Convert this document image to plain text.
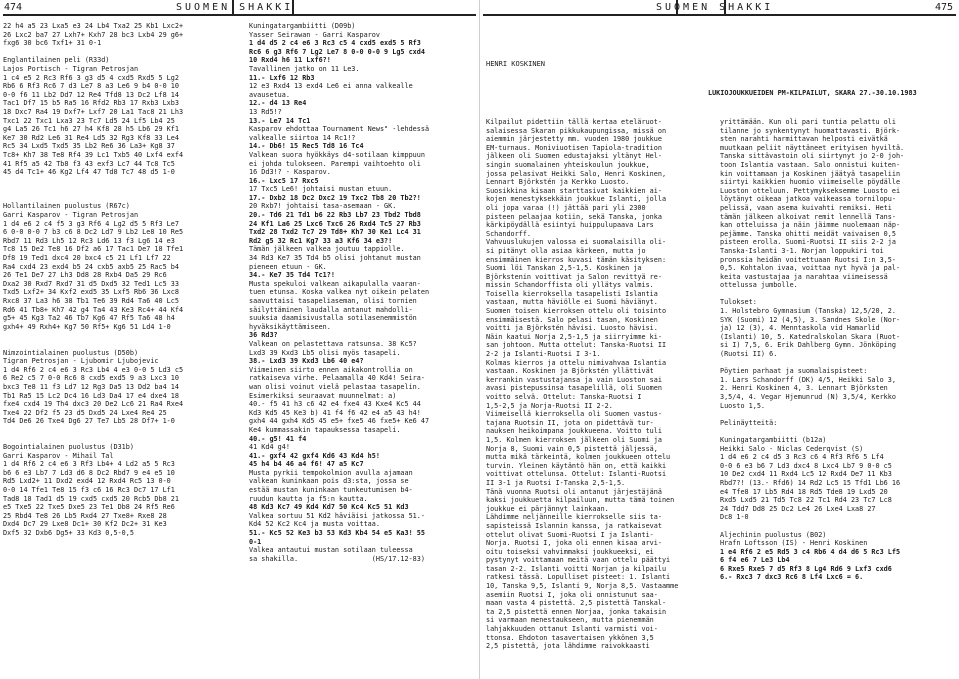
474	SUOMEN SHAKKI
22 h4 a5 23 Lxa5 e3 24 Lb4 Txa2 25 Kb1 Lxc2+
26 Lxc2 ba7 27 Lxh7+ Kxh7 28 bc3 Lxb4 29 g6+
fxg6 30 bc6 Txf1+ 31 0-1
Englantilainen peli (R33d)
Lajos Portisch - Tigran Petrosjan
1 c4 e5 2 Rc3 Rf6 3 g3 d5 4 cxd5 Rxd5 5 Lg2
Rb6 6 Rf3 Rc6 7 d3 Le7 8 a3 Le6 9 b4 0-0 10
0-0 f6 11 Lb2 Dd7 12 Re4 Tfd8 13 Dc2 Lf8 14
Tac1 Df7 15 b5 Ra5 16 Rfd2 Rb3 17 Rxb3 Lxb3
18 Dxc7 Ra4 19 Dxf7+ Lxf7 20 La1 Tac8 21 Lh3
Txc1 22 Txc1 Lxa3 23 Tc7 Ld5 24 Lf5 Lb4 25
g4 La5 26 Tc1 h6 27 h4 Kf8 28 h5 Lb6 29 Kf1
Ke7 30 Rd2 Le6 31 Re4 Ld5 32 Rg3 Kf8 33 Le4
Rc5 34 Lxd5 Txd5 35 Lb2 Re6 36 La3+ Kg8 37
Tc8+ Kh7 38 Te8 Rf4 39 Lc1 Txb5 40 Lxf4 exf4
41 Rf5 a5 42 Tb8 f3 43 exf3 Lc7 44 Tc8 Tc5
45 d4 Tc1+ 46 Kg2 Lf4 47 Td8 Tc7 48 d5 1-0
Hollantilainen puolustus (R67c)
Garri Kasparov - Tigran Petrosjan
1 d4 e6 2 c4 f5 3 g3 Rf6 4 Lg2 d5 5 Rf3 Le7
6 0-0 0-0 7 b3 c6 8 Dc2 Ld7 9 Lb2 Le8 10 Re5
Rbd7 11 Rd3 Lh5 12 Rc3 Ld6 13 f3 Lg6 14 e3
Tc8 15 De2 Te8 16 Df2 a6 17 Tac1 De7 18 Tfe1
Df8 19 Ted1 dxc4 20 bxc4 c5 21 Lf1 Lf7 22
Ra4 cxd4 23 exd4 b5 24 cxb5 axb5 25 Rac5 b4
26 Te1 De7 27 Lh3 Dd8 28 Rxb4 Da5 29 Rc6
Dxa2 30 Rxd7 Rxd7 31 d5 Dxd5 32 Ted1 Lc5 33
Txd5 Lxf2+ 34 Kxf2 exd5 35 Lxf5 Rb6 36 Lxc8
Rxc8 37 La3 h6 38 Tb1 Te6 39 Rd4 Ta6 40 Lc5
Rd6 41 Tb8+ Kh7 42 g4 Ta4 43 Ke3 Rc4+ 44 Kf4
g5+ 45 Kg3 Ta2 46 Tb7 Kg6 47 Rf5 Ta6 48 h4
gxh4+ 49 Rxh4+ Kg7 50 Rf5+ Kg6 51 Ld4 1-0
Nimzointialainen puolustus (D50b)
Tigran Petrosjan - Ljubomir Ljubojevic
1 d4 Rf6 2 c4 e6 3 Rc3 Lb4 4 e3 0-0 5 Ld3 c5
6 Re2 c5 7 0-0 Rc6 8 cxd5 exd5 9 a3 Lxc3 10
bxc3 Te8 11 f3 Ld7 12 Rg3 Da5 13 Dd2 ba4 14
Tb1 Ra5 15 Lc2 Dc4 16 Ld3 Da4 17 e4 dxe4 18
fxe4 cxd4 19 Th4 dxc3 20 De2 Lc6 21 Ra4 Rxe4
Txe4 22 Df2 f5 23 d5 Dxd5 24 Lxe4 Re4 25
Td4 De6 26 Txe4 Dg6 27 Te7 Lb5 28 Df7+ 1-0
Bogointialainen puolustus (D31b)
Garri Kasparov - Mihail Tal
1 d4 Rf6 2 c4 e6 3 Rf3 Lb4+ 4 Ld2 a5 5 Rc3
b6 6 e3 Lb7 7 Ld3 d6 8 Dc2 Rbd7 9 e4 e5 10
Rd5 Lxd2+ 11 Dxd2 exd4 12 Rxd4 Rc5 13 0-0
0-0 14 Tfe1 Te8 15 f3 c6 16 Rc3 Dc7 17 Lf1
Tad8 18 Tad1 d5 19 cxd5 cxd5 20 Rcb5 Db8 21
e5 Txe5 22 Txe5 Dxe5 23 Te1 Db8 24 Rf5 Re6
25 Rbd4 Te8 26 Lb5 Rxd4 27 Txe8+ Rxe8 28
Dxd4 Dc7 29 Lxe8 Dc1+ 30 Kf2 Dc2+ 31 Ke3
Dxf5 32 Dxb6 Dg5+ 33 Kd3 0,5-0,5
Kuningatargambiitti (D09b)
Yasser Seirawan - Garri Kasparov
1 d4 d5 2 c4 e6 3 Rc3 c5 4 cxd5 exd5 5 Rf3
Rc6 6 g3 Rf6 7 Lg2 Le7 8 0-0 0-0 9 Lg5 cxd4
10 Rxd4 h6 11 Lxf6?!
Tavallinen jatko on 11 Le3.
11.- Lxf6 12 Rb3
12 e3 Rxd4 13 exd4 Le6 ei anna valkealle
avausetua.
12.- d4 13 Re4
13 Rd5!?
13.- Le7 14 Tc1
Kasparov ehdottaa Tournament News" -lehdessä
valkealle siirtoa 14 Rc1!?
14.- Db6! 15 Rec5 Td8 16 Tc4
Valkean suora hyökkäys d4-sotilaan kimppuun
ei johda tulokseen. Parempi vaihtoehto oli
16 Dd3!? - Kasparov.
16.- Lxc5 17 Rxc5
17 Txc5 Le6! johtaisi mustan etuun.
17.- Dxb2 18 Dc2 Dxc2 19 Txc2 Tb8 20 Tb2?!
20 Rxb7! johtaisi tasa-asemaan - GK.
20.- Td6 21 Td1 b6 22 Rb3 Lb7 23 Tbd2 Tbd8
24 Kf1 La6 25 Lxc6 Txc6 26 Rxd4 Tc5 27 Rb3
Txd2 28 Txd2 Tc7 29 Td8+ Kh7 30 Ke1 Lc4 31
Rd2 g5 32 Rc1 Kg7 33 a3 Kf6 34 e3?!
Tämän jälkeen valkea joutuu tappiolle.
34 Rd3 Ke7 35 Td4 b5 olisi johtanut mustan
pieneen etuun - GK.
34.- Ke7 35 Td4 Tc1?!
Musta spekuloi valkean aikapulalla vaaran-
tuen etunsa. Koska valkea nyt oikein pelaten
saavuttaisi tasapeliaseman, olisi tornien
säilyttäminen laudalla antanut mahdolli-
suuksia daamisivustalla sotilasenemmistön
hyväksikäyttämiseen.
36 Rd3?
Valkean on pelastettava ratsunsa. 38 Kc5?
Lxd3 39 Kxd3 Lb5 olisi myös tasapeli.
38.- Lxd3 39 Kxd3 Lb6 40 e4?
Viimeinen siirto ennen aikakontrollia on
ratkaiseva virhe. Pelaamalla 40 Kd4! Seira-
wan olisi voinut vielä pelastaa tasapelin.
Esimerkiksi seuraavat muunnelmat: a)
40.- f5 41 h3 c6 42 e4 fxe4 43 Kxe4 Kc5 44
Kd3 Kd5 45 Ke3 b) 41 f4 f6 42 e4 a5 43 h4!
gxh4 44 gxh4 Kd5 45 e5+ fxe5 46 fxe5+ Ke6 47
Ke4 kummassakin tapauksessa tasapeli.
40.- g5! 41 f4
41 Kd4 g4!
41.- gxf4 42 gxf4 Kd6 43 Kd4 h5!
45 h4 b4 46 a4 f6! 47 a5 Kc7
Musta pyrkii tempokolmion avulla ajamaan
valkean kuninkaan pois d3:sta, jossa se
estää mustan kuninkaan tunkeutumisen b4-
ruudun kautta ja f5:n kautta.
48 Kd3 Kc7 49 Kd4 Kd7 50 Kc4 Kc5 51 Kd3
Valkea sortuu 51 Kd2 häviäisi jatkossa 51.-
Kd4 52 Kc2 Kc4 ja musta voittaa.
51.- Kc5 52 Ke3 b3 53 Kd3 Kb4 54 e5 Ka3! 55
0-1
Valkea antautui mustan sotilaan tuleessa
sa shakilla.                  (HS/17.12-83)
SUOMEN SHAKKI	475
HENRI KOSKINEN
LUKIOJOUKKUEIDEN PM-KILPAILUT, SKARA 27.-30.10.1983
Kilpailut pidettiin tällä kertaa eteläruot-
salaisessa Skaran pikkukaupungissa, missä on
aiemmin järjestetty mm. vuoden 1980 joukkue
EM-turnaus. Moniviuotisen Tapiola-tradition
jälkeen oli Suomen edustajaksi yltänyt Hel-
singin suomalainen yhteiskoulun joukkue,
jossa pelasivat Heikki Salo, Henri Koskinen,
Lennart Björkstén ja Kerkko Luosto.
Suosikkina kisaan starttasivat kaikkien ai-
kojen menestyksekkäin joukkue Islanti, jolla
oli jopa varaa (!) jättää pari yli 2300
pisteen pelaajaa kotiin, sekä Tanska, jonka
kärkipöydällä esiintyi huippulupaava Lars
Schandorff.
Vahvuuslukujen valossa ei suomalaisilla oli-
si pitänyt olla asiaa kärkeen, mutta jo
ensimmäinen kierros kuvasi tämän käsityksen:
Suomi löi Tanskan 2,5-1,5. Koskinen ja
Björkstenin voittivat ja Salon revittyä re-
missin Schandorffista oli yllätys valmis.
Toisella kierroksella tasapelisti Islantia
vastaan, mutta häviölle ei Suomi häviänyt.
Suomen toisen kierroksen ottelu oli toisinto
ensimmäisestä. Salo pelasi tasan, Koskinen
voitti ja Björkstén hävisi. Luosto hävisi.
Näin kaatui Norja 2,5-1,5 ja siirryimme ki-
san johtoon. Mutta ottelut: Tanska-Ruotsi II
2-2 ja Islanti-Ruotsi I 3-1.
Kolmas kierros ja ottelu nimivahvaa Islantia
vastaan. Koskinen ja Björkstén yllättivät
kerrankin vastustajansa ja vain Luoston sai
avasi pistepussinsa tasapelillä, oli Suomen
voitto selvä. Ottelut: Tanska-Ruotsi I
1,5-2,5 ja Norja-Ruotsi II 2-2.
Viimeisellä kierroksella oli Suomen vastus-
tajana Ruotsin II, jota on pidettävä tur-
nauksen heikoimpana joukkueena. Voitto tuli
1,5. Kolmen kierroksen jälkeen oli Suomi ja
Norja 8, Suomi vain 0,5 pistettä jäljessä,
mutta mikä tärkeintä, kolmen joukkueen ottelu
turvin. Yleinen käytäntö hän on, että kaikki
voittivat ottelunsa. Ottelut: Islanti-Ruotsi
II 3-1 ja Ruotsi I-Tanska 2,5-1,5.
Tänä vuonna Ruotsi oli antanut järjestäjänä
kaksi joukkuetta kilpailuun, mutta tämä toinen
joukkue ei pärjännyt lainkaan.
Lähdimme neljänneille kierrokselle siis ta-
sapisteissä Islannin kanssa, ja ratkaisevat
ottelut olivat Suomi-Ruotsi I ja Islanti-
Norja. Ruotsi I, joka oli ennen kisaa arvi-
oitu toiseksi vahvimmaksi joukkueeksi, ei
pystynyt voittamaan meitä vaan ottelu päättyi
tasan 2-2. Islanti voitti Norjan ja kilpailu
ratkesi tässä. Lopulliset pisteet: 1. Islanti
10, Tanska 9,5, Islanti 9, Norja 8,5. Vastaamme
asemiin Ruotsi I, joka oli onnistunut saa-
maan vasta 4 pistettä. 2,5 pistettä Tanskal-
ta 2,5 pistettä ennen Norjaa, jonka takaisin
si varmaan menestaukseen, mutta pienemmän
lahjakkuuden ottanut Islanti varmisti voi-
ttonsa. Ehdoton tasavertaisen ykkönen 3,5
2,5 pistettä, jota lähdimme raivokkaasti
yrittämään. Kun oli pari tuntia pelattu oli
tilanne jo synkentynyt huomattavasti. Björk-
sten narahti harmittavan helposti eivätkä
muutkaan peliit näyttäneet erityisen hyviltä.
Tanska sittävastoin oli siirtynyt jo 2-0 joh-
toon Islantia vastaan. Salo onnistui kuiten-
kin voittamaan ja Koskinen jäätyä tasapeliin
siirtyi kaikkien huomio viimeiselle pöydälle
Luoston otteluun. Pettymykseksemme Luosto ei
löytänyt oikeaa jatkoa vaikeassa tornilopu-
pelissä, vaan asema kuivahti remiksi. Heti
tämän jälkeen alkoivat remit lennellä Tans-
kan otteluissa ja näin jäimme nuolemaan näp-
pejämme. Tanska ohitti meidät vaivaisen 0,5
pisteen erolla. Suomi-Ruotsi II siis 2-2 ja
Tanska-Islanti 3-1. Norjan loppukiri toi
pronssia heidän voitettuaan Ruotsi I:n 3,5-
0,5. Kohtalon ivaa, voittaa nyt hyvä ja pal-
keita vastustajaa ja narahtaa viimeisessä
ottelussa jumbolle.
Tulokset:
1. Holstebro Gymnasium (Tanska) 12,5/20, 2.
SYK (Suomi) 12 (4,5), 3. Sandnes Skole (Nor-
ja) 12 (3), 4. Menntaskola vid Hamarlid
(Islanti) 10, 5. Katedralskolan Skara (Ruot-
si I) 7,5, 6. Erik Dahlberg Gymn. Jönköping
(Ruotsi II) 6.
Pöytien parhaat ja suomalaispisteet:
1. Lars Schandorff (DK) 4/5, Heikki Salo 3,
2. Henri Koskinen 4, 3. Lennart Björksten
3,5/4, 4. Vegar Hjemunrud (N) 3,5/4, Kerkko
Luosto 1,5.
Pelinäytteitä:
Kuningatargambiitti (b12a)
Heikki Salo - Niclas Cederqvist (S)
1 d4 e6 2 c4 d5 3 Rc3 c6 4 Rf3 Rf6 5 Lf4
0-0 6 e3 b6 7 Ld3 dxc4 8 Lxc4 Lb7 9 0-0 c5
10 De2 cxd4 11 Rxd4 Lc5 12 Rxd4 De7 11 Kb3
Rbd7?! (13.- Rfd6) 14 Rd2 Lc5 15 Tfd1 Lb6 16
e4 Tfe8 17 Lb5 Rd4 18 Rd5 Tde8 19 Lxd5 20
Rxd5 Lxd5 21 Td5 Tc8 22 Tc1 Rd4 23 Tc7 Lc8
24 Tdd7 Dd8 25 Dc2 Le4 26 Lxe4 Lxa8 27
Dc8 1-0
Aljechinin puolustus (B02)
Hrafn Loftsson (IS) - Henri Koskinen
1 e4 Rf6 2 e5 Rd5 3 c4 Rb6 4 d4 d6 5 Rc3 Lf5
6 f4 e6 7 Le3 Lb4
6 Rxe5 Rxe5 7 d5 Rf3 8 Lg4 Rd6 9 Lxf3 cxd6
6.- Rxc3 7 dxc3 Rc6 8 Lf4 Lxc6 = 6.
